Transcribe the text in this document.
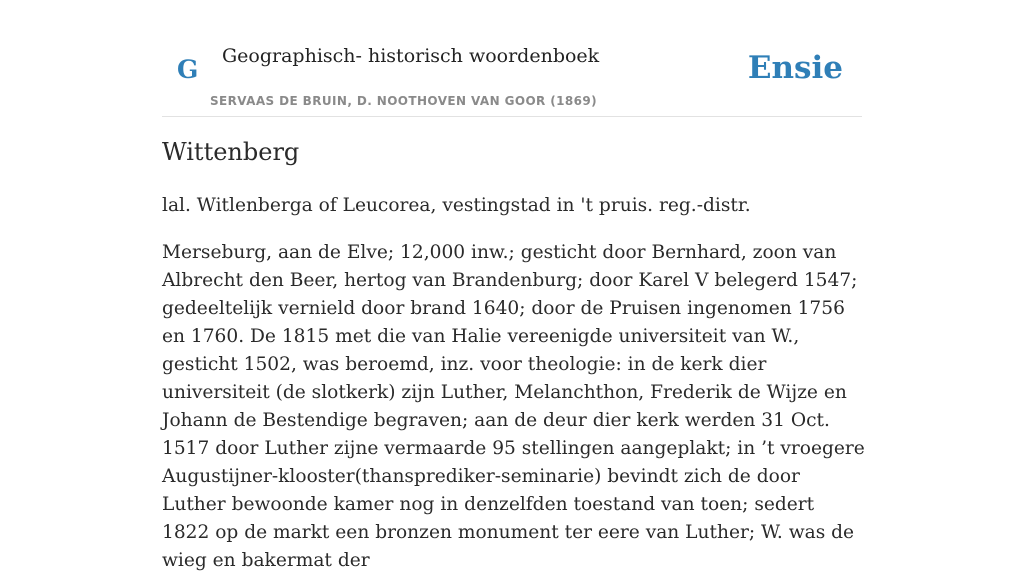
G Geographisch- historisch woordenboek
SERVAAS DE BRUIN, D. NOOTHOVEN VAN GOOR (1869)
Ensie
Wittenberg

lal. Witlenberga of Leucorea, vestingstad in 't pruis. reg.-distr.

Merseburg, aan de Elve; 12,000 inw.; gesticht door Bernhard, zoon van Albrecht den Beer, hertog van Brandenburg; door Karel V belegerd 1547; gedeeltelijk vernield door brand 1640; door de Pruisen ingenomen 1756 en 1760. De 1815 met die van Halie vereenigde universiteit van W., gesticht 1502, was beroemd, inz. voor theologie: in de kerk dier universiteit (de slotkerk) zijn Luther, Melanchthon, Frederik de Wijze en Johann de Bestendige begraven; aan de deur dier kerk werden 31 Oct. 1517 door Luther zijne vermaarde 95 stellingen aangeplakt; in ’t vroegere Augustijner-klooster(thansprediker-seminarie) bevindt zich de door Luther bewoonde kamer nog in denzelfden toestand van toen; sedert 1822 op de markt een bronzen monument ter eere van Luther; W. was de wieg en bakermat der
